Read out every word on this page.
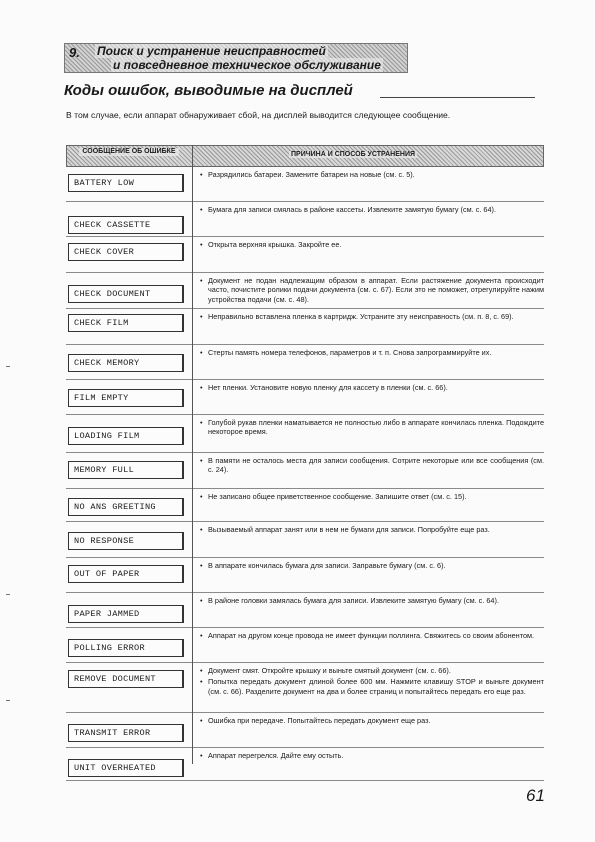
9. Поиск и устранение неисправностей
и повседневное техническое обслуживание
Коды ошибок, выводимые на дисплей
В том случае, если аппарат обнаруживает сбой, на дисплей выводится следующее сообщение.
СООБЩЕНИЕ ОБ ОШИБКЕ	ПРИЧИНА И СПОСОБ УСТРАНЕНИЯ
BATTERY LOW
• Разрядились батареи. Замените батареи на новые (см. с. 5).
CHECK CASSETTE
• Бумага для записи смялась в районе кассеты. Извлеките замятую бумагу (см. с. 64).
CHECK COVER
• Открыта верхняя крышка. Закройте ее.
CHECK DOCUMENT
• Документ не подан надлежащим образом в аппарат. Если растяжение документа происходит часто, почистите ролики подачи документа (см. с. 67). Если это не поможет, отрегулируйте нажим устройства подачи (см. с. 48).
CHECK FILM
• Неправильно вставлена пленка в картридж. Устраните эту неисправность (см. п. 8, с. 69).
CHECK MEMORY
• Стерты память номера телефонов, параметров и т. п. Снова запрограммируйте их.
FILM EMPTY
• Нет пленки. Установите новую пленку для кассету в пленки (см. с. 66).
LOADING FILM
• Голубой рукав пленки наматывается не полностью либо в аппарате кончилась пленка. Подождите некоторое время.
MEMORY FULL
• В памяти не осталось места для записи сообщения. Сотрите некоторые или все сообщения (см. с. 24).
NO ANS GREETING
• Не записано общее приветственное сообщение. Запишите ответ (см. с. 15).
NO RESPONSE
• Вызываемый аппарат занят или в нем не бумаги для записи. Попробуйте еще раз.
OUT OF PAPER
• В аппарате кончилась бумага для записи. Заправьте бумагу (см. с. 6).
PAPER JAMMED
• В районе головки замялась бумага для записи. Извлеките замятую бумагу (см. с. 64).
POLLING ERROR
• Аппарат на другом конце провода не имеет функции поллинга. Свяжитесь со своим абонентом.
REMOVE DOCUMENT
• Документ смят. Откройте крышку и выньте смятый документ (см. с. 66).
• Попытка передать документ длиной более 600 мм. Нажмите клавишу STOP и выньте документ (см. с. 66). Разделите документ на два и более страниц и попытайтесь передать его еще раз.
TRANSMIT ERROR
• Ошибка при передаче. Попытайтесь передать документ еще раз.
UNIT OVERHEATED
• Аппарат перегрелся. Дайте ему остыть.
61
